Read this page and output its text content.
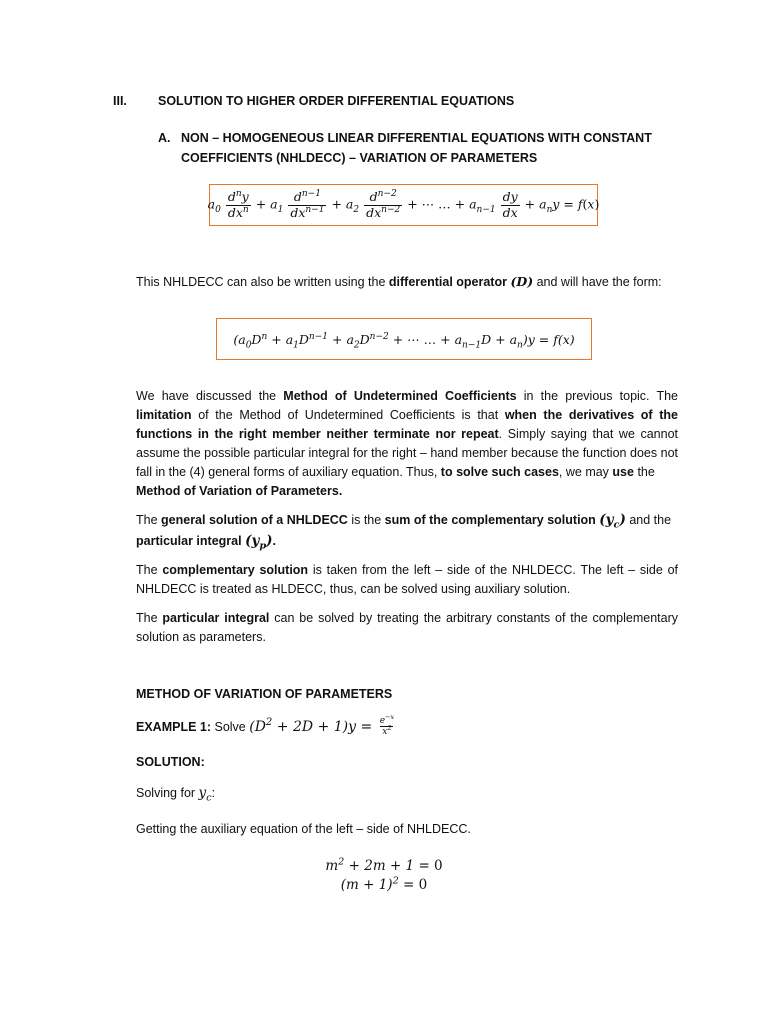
III. SOLUTION TO HIGHER ORDER DIFFERENTIAL EQUATIONS
A. NON – HOMOGENEOUS LINEAR DIFFERENTIAL EQUATIONS WITH CONSTANT
COEFFICIENTS (NHLDECC) – VARIATION OF PARAMETERS
$a_0 \frac{d^ny}{dx^n} + a_1 \frac{d^{n-1}}{dx^{n-1}} + a_2 \frac{d^{n-2}}{dx^{n-2}}$ + ⋯ … + $a_{n-1} \frac{dy}{dx} + a_ny = f(x)$
This NHLDECC can also be written using the differential operator (D) and will have the form:
($a_0D^n + a_1D^{n-1} + a_2D^{n-2}$ + ⋯ … + $a_{n-1}D + a_n)y = f(x)$
We have discussed the Method of Undetermined Coefficients in the previous topic. The limitation of the Method of Undetermined Coefficients is that when the derivatives of the functions in the right member neither terminate nor repeat. Simply saying that we cannot assume the possible particular integral for the right – hand member because the function does not fall in the (4) general forms of auxiliary equation. Thus, to solve such cases, we may use the
Method of Variation of Parameters.
The general solution of a NHLDECC is the sum of the complementary solution $(y_c)$ and the
particular integral $(y_p)$.
The complementary solution is taken from the left – side of the NHLDECC. The left – side of NHLDECC is treated as HLDECC, thus, can be solved using auxiliary solution.
The particular integral can be solved by treating the arbitrary constants of the complementary solution as parameters.
METHOD OF VARIATION OF PARAMETERS
EXAMPLE 1: Solve $(D^2 + 2D + 1)y = \frac{e^{-x}}{x^2}$
SOLUTION:
Solving for $y_c$:
Getting the auxiliary equation of the left – side of NHLDECC.
$m^2 + 2m + 1 = 0$
$(m + 1)^2 = 0$
